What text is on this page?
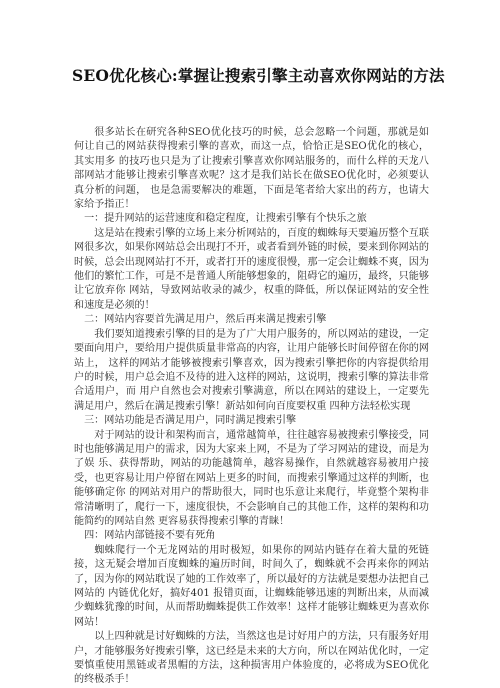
SEO优化核心:掌握让搜索引擎主动喜欢你网站的方法

很多站长在研究各种SEO优化技巧的时候，总会忽略一个问题，那就是如何让自己的网站获得搜索引擎的喜欢，而这一点，恰恰正是SEO优化的核心，其实用多 的技巧也只是为了让搜索引擎喜欢你网站服务的，而什么样的天龙八部网站才能够让搜索引擎喜欢呢？这才是我们站长在做SEO优化时，必须要认真分析的问题， 也是急需要解决的难题，下面是笔者给大家出的药方，也请大家给予指正！

一：提升网站的运营速度和稳定程度，让搜索引擎有个快乐之旅

这是站在搜索引擎的立场上来分析网站的，百度的蜘蛛每天要遍历整个互联网很多次，如果你网站总会出现打不开，或者看到外链的时候，要来到你网站的时候，总会出现网站打不开，或者打开的速度很慢，那一定会让蜘蛛不爽，因为他们的繁忙工作，可是不是普通人所能够想象的，阻碍它的遍历，最终，只能够让它放弃你 网站，导致网站收录的减少，权重的降低，所以保证网站的安全性和速度是必须的！

二：网站内容要首先满足用户，然后再来满足搜索引擎

我们要知道搜索引擎的目的是为了广大用户服务的，所以网站的建设，一定要面向用户，要给用户提供质量非常高的内容，让用户能够长时间停留在你的网站上， 这样的网站才能够被搜索引擎喜欢，因为搜索引擎把你的内容提供给用户的时候，用户总会追不及待的进入这样的网站，这说明，搜索引擎的算法非常合适用户，而 用户自然也会对搜索引擎满意，所以在网站的建设上，一定要先满足用户，然后在满足搜索引擎！新站如何向百度要权重 四种方法轻松实现

三：网站功能是否满足用户，同时满足搜索引擎

对于网站的设计和架构而言，通常越简单，往往越容易被搜索引擎接受，同时也能够满足用户的需求，因为大家来上网，不是为了学习网站的建设，而是为了娱 乐、获得帮助，网站的功能越简单，越容易操作，自然就越容易被用户接受，也更容易让用户停留在网站上更多的时间，而搜索引擎通过这样的判断，也能够确定你 的网站对用户的帮助很大，同时也乐意让来爬行，毕竟整个架构非常清晰明了，爬行一下，速度很快，不会影响自己的其他工作，这样的架构和功能简约的网站自然 更容易获得搜索引擎的青睐！

四：网站内部链接不要有死角

蜘蛛爬行一个无龙网站的用时极短，如果你的网站内链存在着大量的死链 接，这无疑会增加百度蜘蛛的遍历时间，时间久了，蜘蛛就不会再来你的网站了，因为你的网站耽误了她的工作效率了，所以最好的方法就是要想办法把自己网站的 内链优化好，搞好401 报错页面，让蜘蛛能够迅速的判断出来，从而减少蜘蛛犹豫的时间，从而帮助蜘蛛提供工作效率！这样才能够让蜘蛛更为喜欢你网站！

以上四种就是讨好蜘蛛的方法，当然这也是讨好用户的方法，只有服务好用户，才能够服务好搜索引擎，这已经是未来的大方向，所以在网站优化时，一定要慎重使用黑链或者黑帽的方法，这种损害用户体验度的，必将成为SEO优化的终极杀手！
